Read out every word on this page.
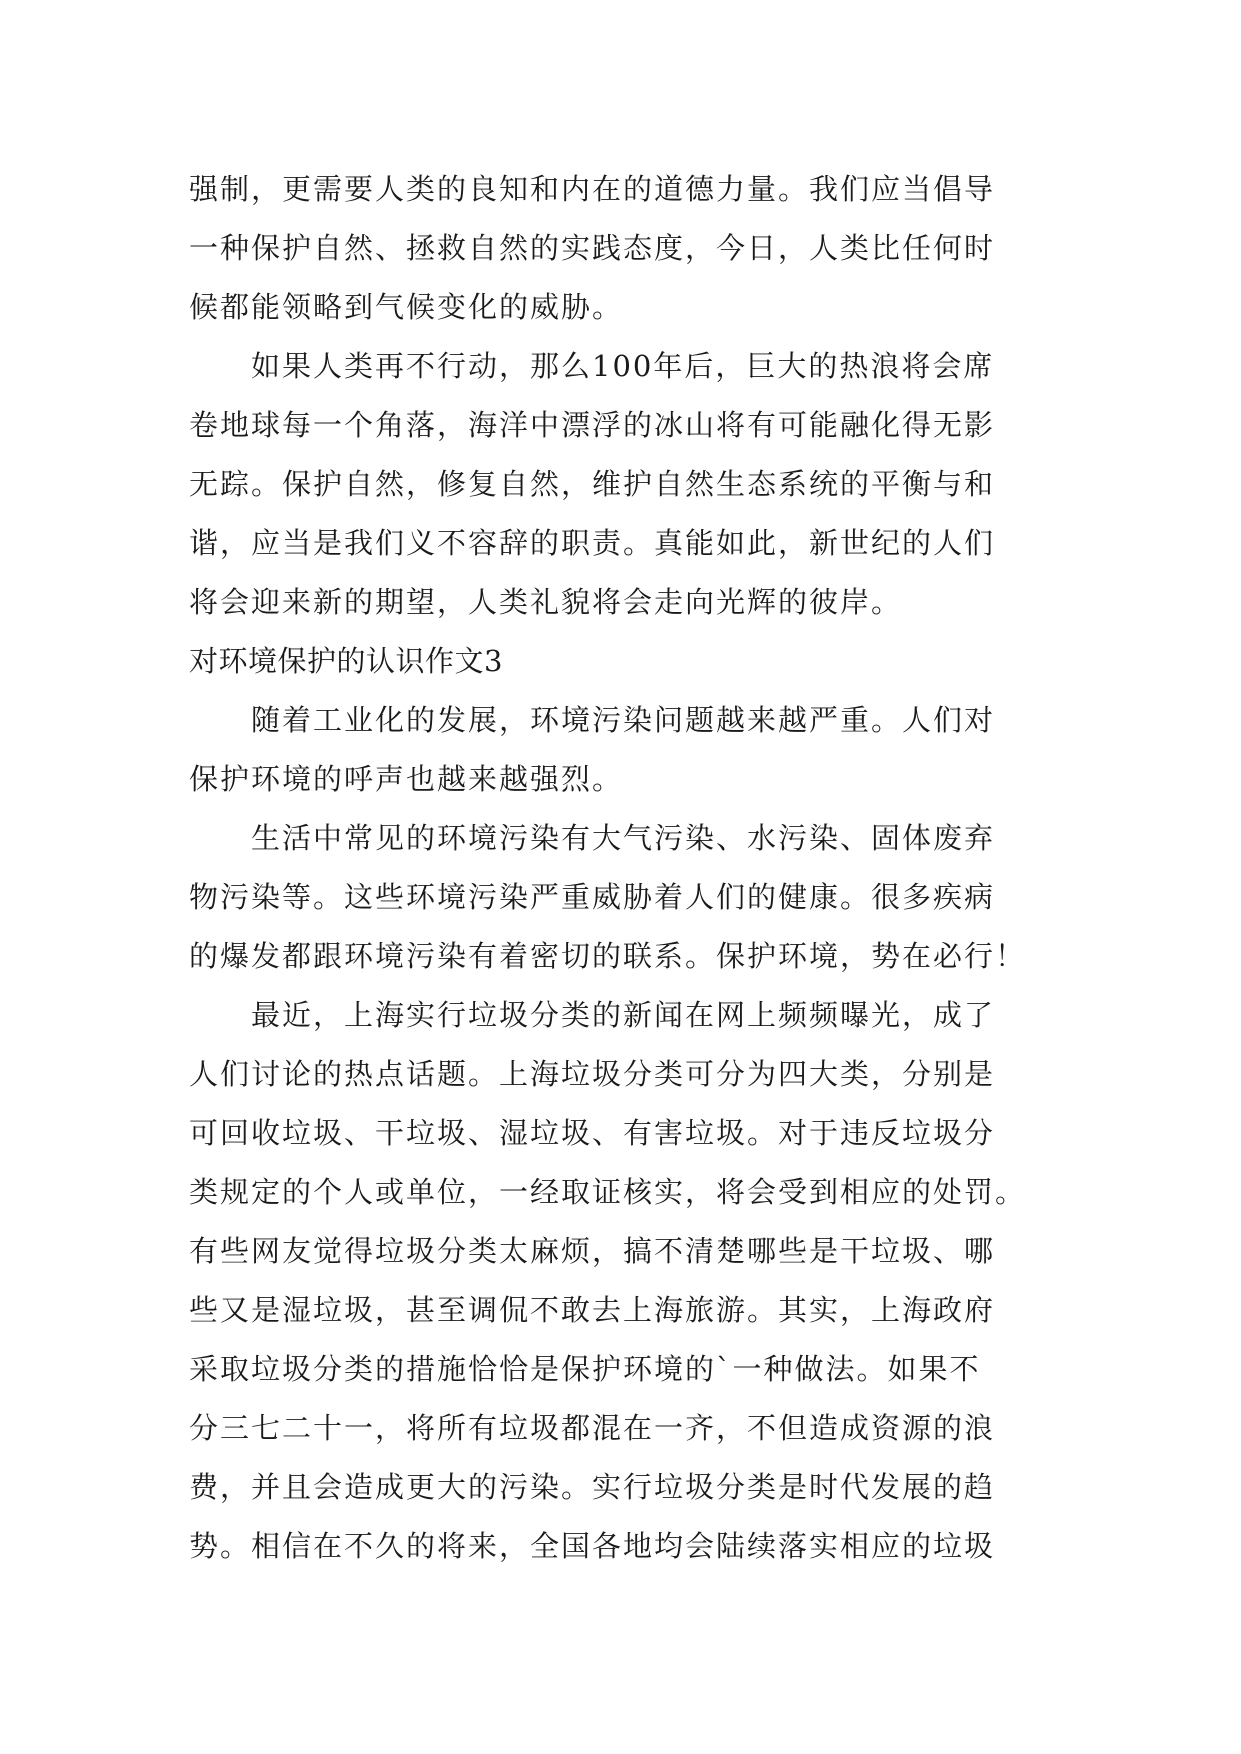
强制，更需要人类的良知和内在的道德力量。我们应当倡导
一种保护自然、拯救自然的实践态度，今日，人类比任何时
候都能领略到气候变化的威胁。
如果人类再不行动，那么100年后，巨大的热浪将会席
卷地球每一个角落，海洋中漂浮的冰山将有可能融化得无影
无踪。保护自然，修复自然，维护自然生态系统的平衡与和
谐，应当是我们义不容辞的职责。真能如此，新世纪的人们
将会迎来新的期望，人类礼貌将会走向光辉的彼岸。
对环境保护的认识作文3
随着工业化的发展，环境污染问题越来越严重。人们对
保护环境的呼声也越来越强烈。
生活中常见的环境污染有大气污染、水污染、固体废弃
物污染等。这些环境污染严重威胁着人们的健康。很多疾病
的爆发都跟环境污染有着密切的联系。保护环境，势在必行！
最近，上海实行垃圾分类的新闻在网上频频曝光，成了
人们讨论的热点话题。上海垃圾分类可分为四大类，分别是
可回收垃圾、干垃圾、湿垃圾、有害垃圾。对于违反垃圾分
类规定的个人或单位，一经取证核实，将会受到相应的处罚。
有些网友觉得垃圾分类太麻烦，搞不清楚哪些是干垃圾、哪
些又是湿垃圾，甚至调侃不敢去上海旅游。其实，上海政府
采取垃圾分类的措施恰恰是保护环境的`一种做法。如果不
分三七二十一，将所有垃圾都混在一齐，不但造成资源的浪
费，并且会造成更大的污染。实行垃圾分类是时代发展的趋
势。相信在不久的将来，全国各地均会陆续落实相应的垃圾
